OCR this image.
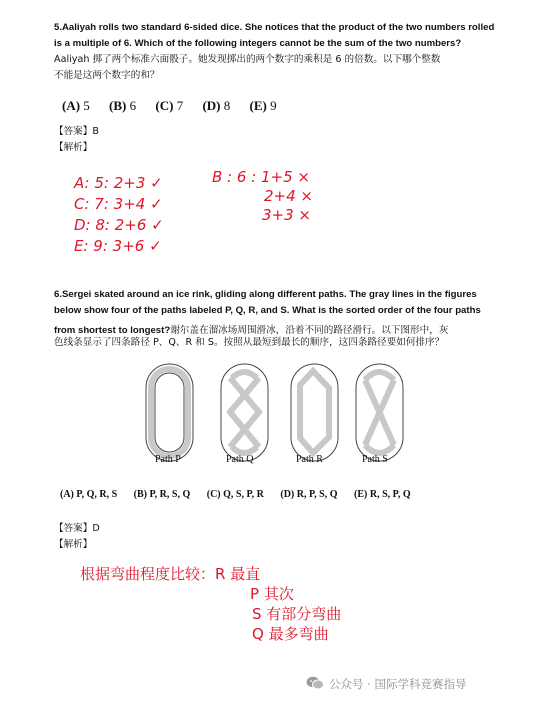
5.Aaliyah rolls two standard 6-sided dice. She notices that the product of the two numbers rolled
is a multiple of 6. Which of the following integers cannot be the sum of the two numbers?
Aaliyah 掷了两个标准六面骰子。她发现掷出的两个数字的乘积是 6 的倍数。以下哪个整数
不能是这两个数字的和？
(A) 5 (B) 6 (C) 7 (D) 8 (E) 9
【答案】B
【解析】
A: 5: 2+3 ✓
C: 7: 3+4 ✓
D: 8: 2+6 ✓
E: 9: 3+6 ✓
B : 6 : 1+5 ×
2+4 ×
3+3 ×
6.Sergei skated around an ice rink, gliding along different paths. The gray lines in the figures
below show four of the paths labeled P, Q, R, and S. What is the sorted order of the four paths
from shortest to longest?谢尔盖在溜冰场周围滑冰，沿着不同的路径滑行。以下图形中，灰
色线条显示了四条路径 P、Q、R 和 S。按照从最短到最长的顺序，这四条路径要如何排序？
Path P	Path Q	Path R	Path S
(A) P, Q, R, S (B) P, R, S, Q (C) Q, S, P, R (D) R, P, S, Q (E) R, S, P, Q
【答案】D
【解析】
根据弯曲程度比较：R 最直
P 其次
S 有部分弯曲
Q 最多弯曲
公众号 · 国际学科竞赛指导
